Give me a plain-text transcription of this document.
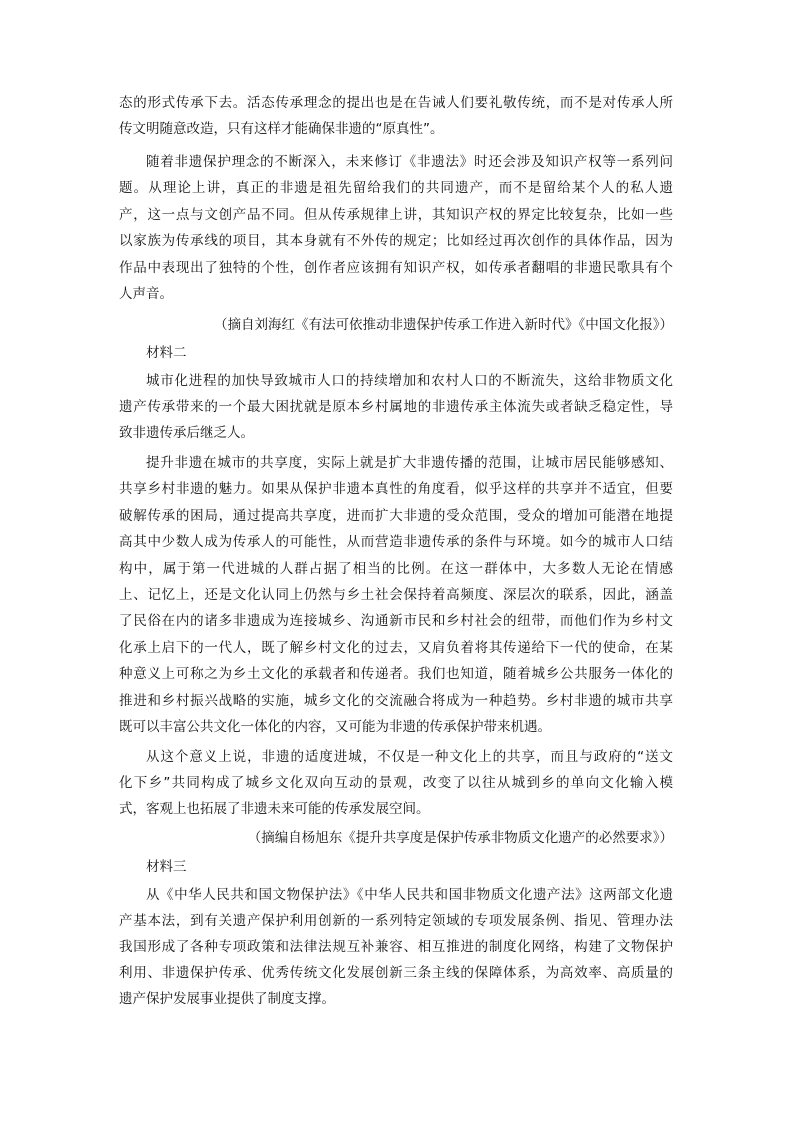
态的形式传承下去。活态传承理念的提出也是在告诫人们要礼敬传统，而不是对传承人所
传文明随意改造，只有这样才能确保非遗的“原真性”。
随着非遗保护理念的不断深入，未来修订《非遗法》时还会涉及知识产权等一系列问
题。从理论上讲，真正的非遗是祖先留给我们的共同遗产，而不是留给某个人的私人遗
产，这一点与文创产品不同。但从传承规律上讲，其知识产权的界定比较复杂，比如一些
以家族为传承线的项目，其本身就有不外传的规定；比如经过再次创作的具体作品，因为
作品中表现出了独特的个性，创作者应该拥有知识产权，如传承者翻唱的非遗民歌具有个
人声音。
（摘自刘海红《有法可依推动非遗保护传承工作进入新时代》《中国文化报》）
材料二
城市化进程的加快导致城市人口的持续增加和农村人口的不断流失，这给非物质文化
遗产传承带来的一个最大困扰就是原本乡村属地的非遗传承主体流失或者缺乏稳定性，导
致非遗传承后继乏人。
提升非遗在城市的共享度，实际上就是扩大非遗传播的范围，让城市居民能够感知、
共享乡村非遗的魅力。如果从保护非遗本真性的角度看，似乎这样的共享并不适宜，但要
破解传承的困局，通过提高共享度，进而扩大非遗的受众范围，受众的增加可能潜在地提
高其中少数人成为传承人的可能性，从而营造非遗传承的条件与环境。如今的城市人口结
构中，属于第一代进城的人群占据了相当的比例。在这一群体中，大多数人无论在情感
上、记忆上，还是文化认同上仍然与乡土社会保持着高频度、深层次的联系，因此，涵盖
了民俗在内的诸多非遗成为连接城乡、沟通新市民和乡村社会的纽带，而他们作为乡村文
化承上启下的一代人，既了解乡村文化的过去，又肩负着将其传递给下一代的使命，在某
种意义上可称之为乡土文化的承载者和传递者。我们也知道，随着城乡公共服务一体化的
推进和乡村振兴战略的实施，城乡文化的交流融合将成为一种趋势。乡村非遗的城市共享
既可以丰富公共文化一体化的内容，又可能为非遗的传承保护带来机遇。
从这个意义上说，非遗的适度进城，不仅是一种文化上的共享，而且与政府的“送文
化下乡”共同构成了城乡文化双向互动的景观，改变了以往从城到乡的单向文化输入模
式，客观上也拓展了非遗未来可能的传承发展空间。
（摘编自杨旭东《提升共享度是保护传承非物质文化遗产的必然要求》）
材料三
从《中华人民共和国文物保护法》《中华人民共和国非物质文化遗产法》这两部文化遗
产基本法，到有关遗产保护利用创新的一系列特定领域的专项发展条例、指见、管理办法
我国形成了各种专项政策和法律法规互补兼容、相互推进的制度化网络，构建了文物保护
利用、非遗保护传承、优秀传统文化发展创新三条主线的保障体系，为高效率、高质量的
遗产保护发展事业提供了制度支撑。
